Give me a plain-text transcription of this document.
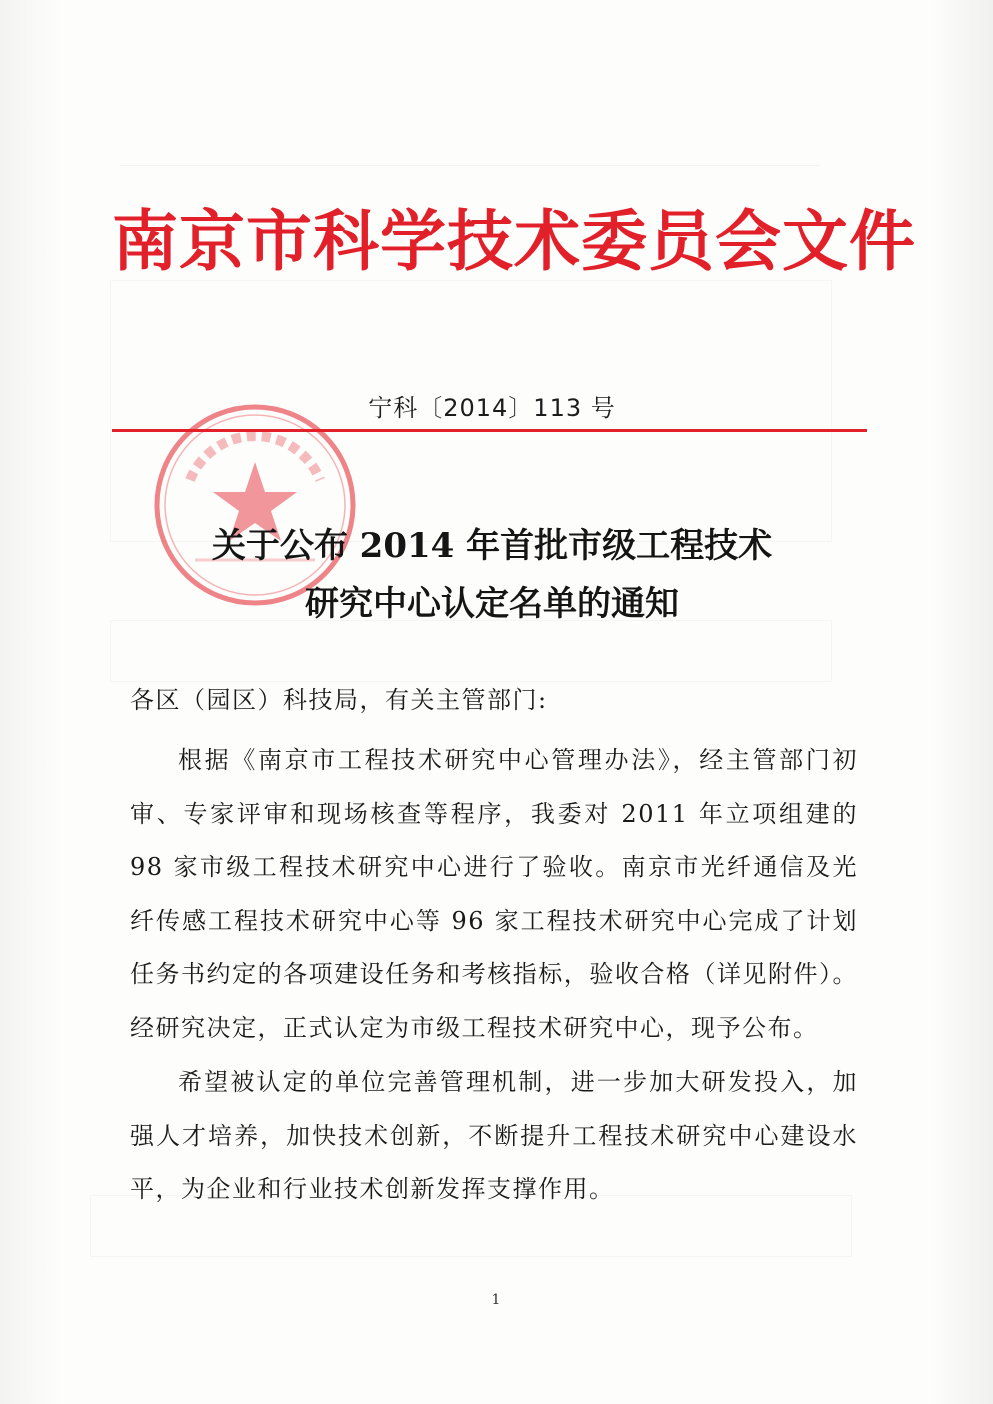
南京市科学技术委员会文件
宁科〔2014〕113 号
关于公布 2014 年首批市级工程技术
研究中心认定名单的通知
各区（园区）科技局，有关主管部门:
根据《南京市工程技术研究中心管理办法》，经主管部门初审、专家评审和现场核查等程序，我委对 2011 年立项组建的 98 家市级工程技术研究中心进行了验收。南京市光纤通信及光纤传感工程技术研究中心等 96 家工程技术研究中心完成了计划任务书约定的各项建设任务和考核指标，验收合格（详见附件）。经研究决定，正式认定为市级工程技术研究中心，现予公布。
希望被认定的单位完善管理机制，进一步加大研发投入，加强人才培养，加快技术创新，不断提升工程技术研究中心建设水平，为企业和行业技术创新发挥支撑作用。
1
